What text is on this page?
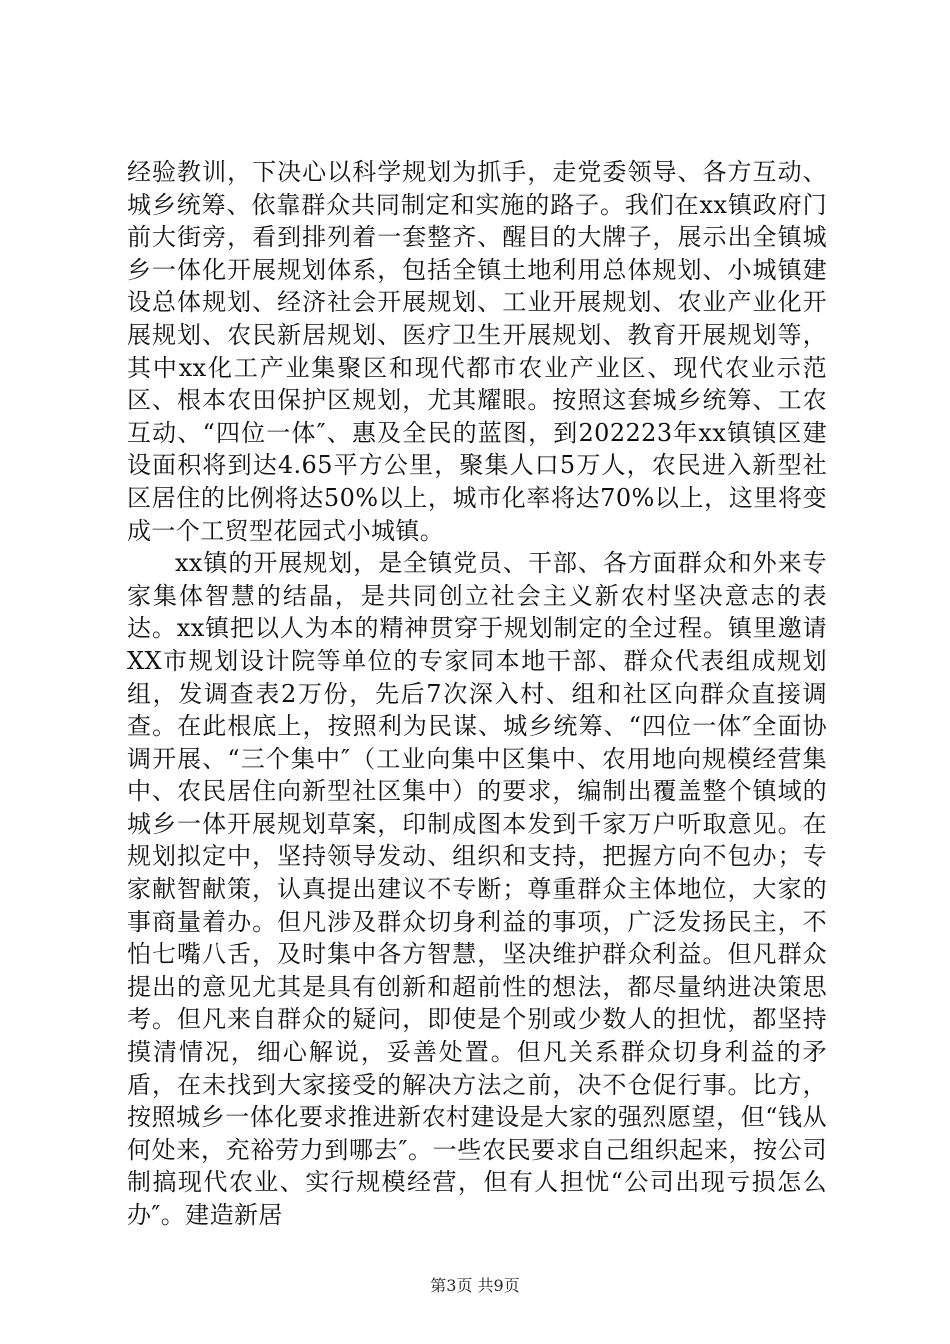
经验教训，下决心以科学规划为抓手，走党委领导、各方互动、城乡统筹、依靠群众共同制定和实施的路子。我们在xx镇政府门前大街旁，看到排列着一套整齐、醒目的大牌子，展示出全镇城乡一体化开展规划体系，包括全镇土地利用总体规划、小城镇建设总体规划、经济社会开展规划、工业开展规划、农业产业化开展规划、农民新居规划、医疗卫生开展规划、教育开展规划等，其中xx化工产业集聚区和现代都市农业产业区、现代农业示范区、根本农田保护区规划，尤其耀眼。按照这套城乡统筹、工农互动、“四位一体″、惠及全民的蓝图，到202223年xx镇镇区建设面积将到达4.65平方公里，聚集人口5万人，农民进入新型社区居住的比例将达50%以上，城市化率将达70%以上，这里将变成一个工贸型花园式小城镇。

xx镇的开展规划，是全镇党员、干部、各方面群众和外来专家集体智慧的结晶，是共同创立社会主义新农村坚决意志的表达。xx镇把以人为本的精神贯穿于规划制定的全过程。镇里邀请XX市规划设计院等单位的专家同本地干部、群众代表组成规划组，发调查表2万份，先后7次深入村、组和社区向群众直接调查。在此根底上，按照利为民谋、城乡统筹、“四位一体″全面协调开展、“三个集中″（工业向集中区集中、农用地向规模经营集中、农民居住向新型社区集中）的要求，编制出覆盖整个镇域的城乡一体开展规划草案，印制成图本发到千家万户听取意见。在规划拟定中，坚持领导发动、组织和支持，把握方向不包办；专家献智献策，认真提出建议不专断；尊重群众主体地位，大家的事商量着办。但凡涉及群众切身利益的事项，广泛发扬民主，不怕七嘴八舌，及时集中各方智慧，坚决维护群众利益。但凡群众提出的意见尤其是具有创新和超前性的想法，都尽量纳进决策思考。但凡来自群众的疑问，即使是个别或少数人的担忧，都坚持摸清情况，细心解说，妥善处置。但凡关系群众切身利益的矛盾，在未找到大家接受的解决方法之前，决不仓促行事。比方，按照城乡一体化要求推进新农村建设是大家的强烈愿望，但“钱从何处来，充裕劳力到哪去″。一些农民要求自己组织起来，按公司制搞现代农业、实行规模经营，但有人担忧“公司出现亏损怎么办″。建造新居

第3页 共9页
